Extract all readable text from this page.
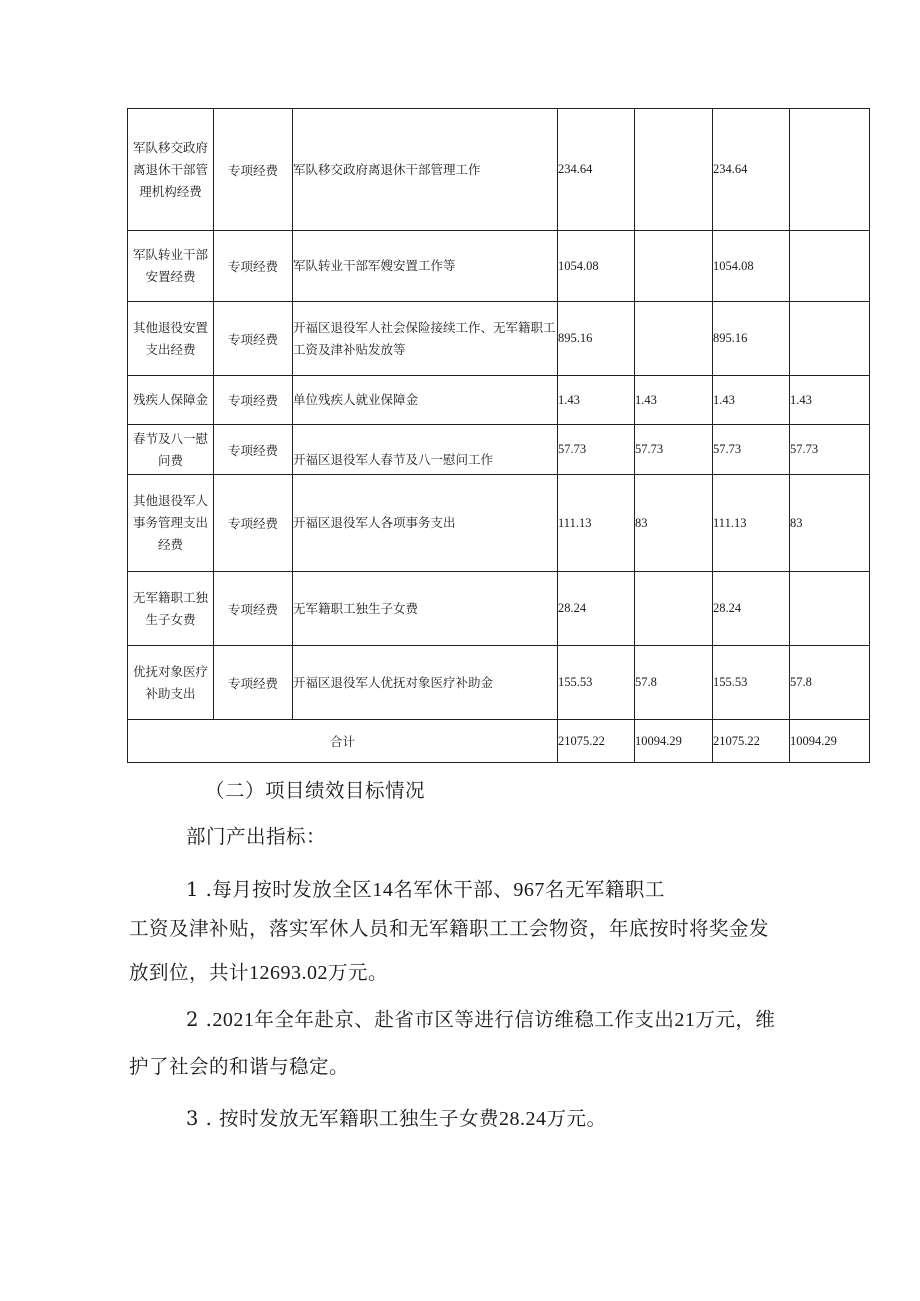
军队移交政府离退休干部管理机构经费	专项经费	军队移交政府离退休干部管理工作	234.64		234.64	
军队转业干部安置经费	专项经费	军队转业干部军嫂安置工作等	1054.08		1054.08	
其他退役安置支出经费	专项经费	开福区退役军人社会保险接续工作、无军籍职工工资及津补贴发放等	895.16		895.16	
残疾人保障金	专项经费	单位残疾人就业保障金	1.43	1.43	1.43	1.43
春节及八一慰问费	专项经费	开福区退役军人春节及八一慰问工作	57.73	57.73	57.73	57.73
其他退役军人事务管理支出经费	专项经费	开福区退役军人各项事务支出	111.13	83	111.13	83
无军籍职工独生子女费	专项经费	无军籍职工独生子女费	28.24		28.24	
优抚对象医疗补助支出	专项经费	开福区退役军人优抚对象医疗补助金	155.53	57.8	155.53	57.8
合计			21075.22	10094.29	21075.22	10094.29
（二）项目绩效目标情况
部门产出指标：
1 .每月按时发放全区14名军休干部、967名无军籍职工
工资及津补贴，落实军休人员和无军籍职工工会物资，年底按时将奖金发
放到位，共计12693.02万元。
2 .2021年全年赴京、赴省市区等进行信访维稳工作支出21万元，维
护了社会的和谐与稳定。
3 . 按时发放无军籍职工独生子女费28.24万元。
